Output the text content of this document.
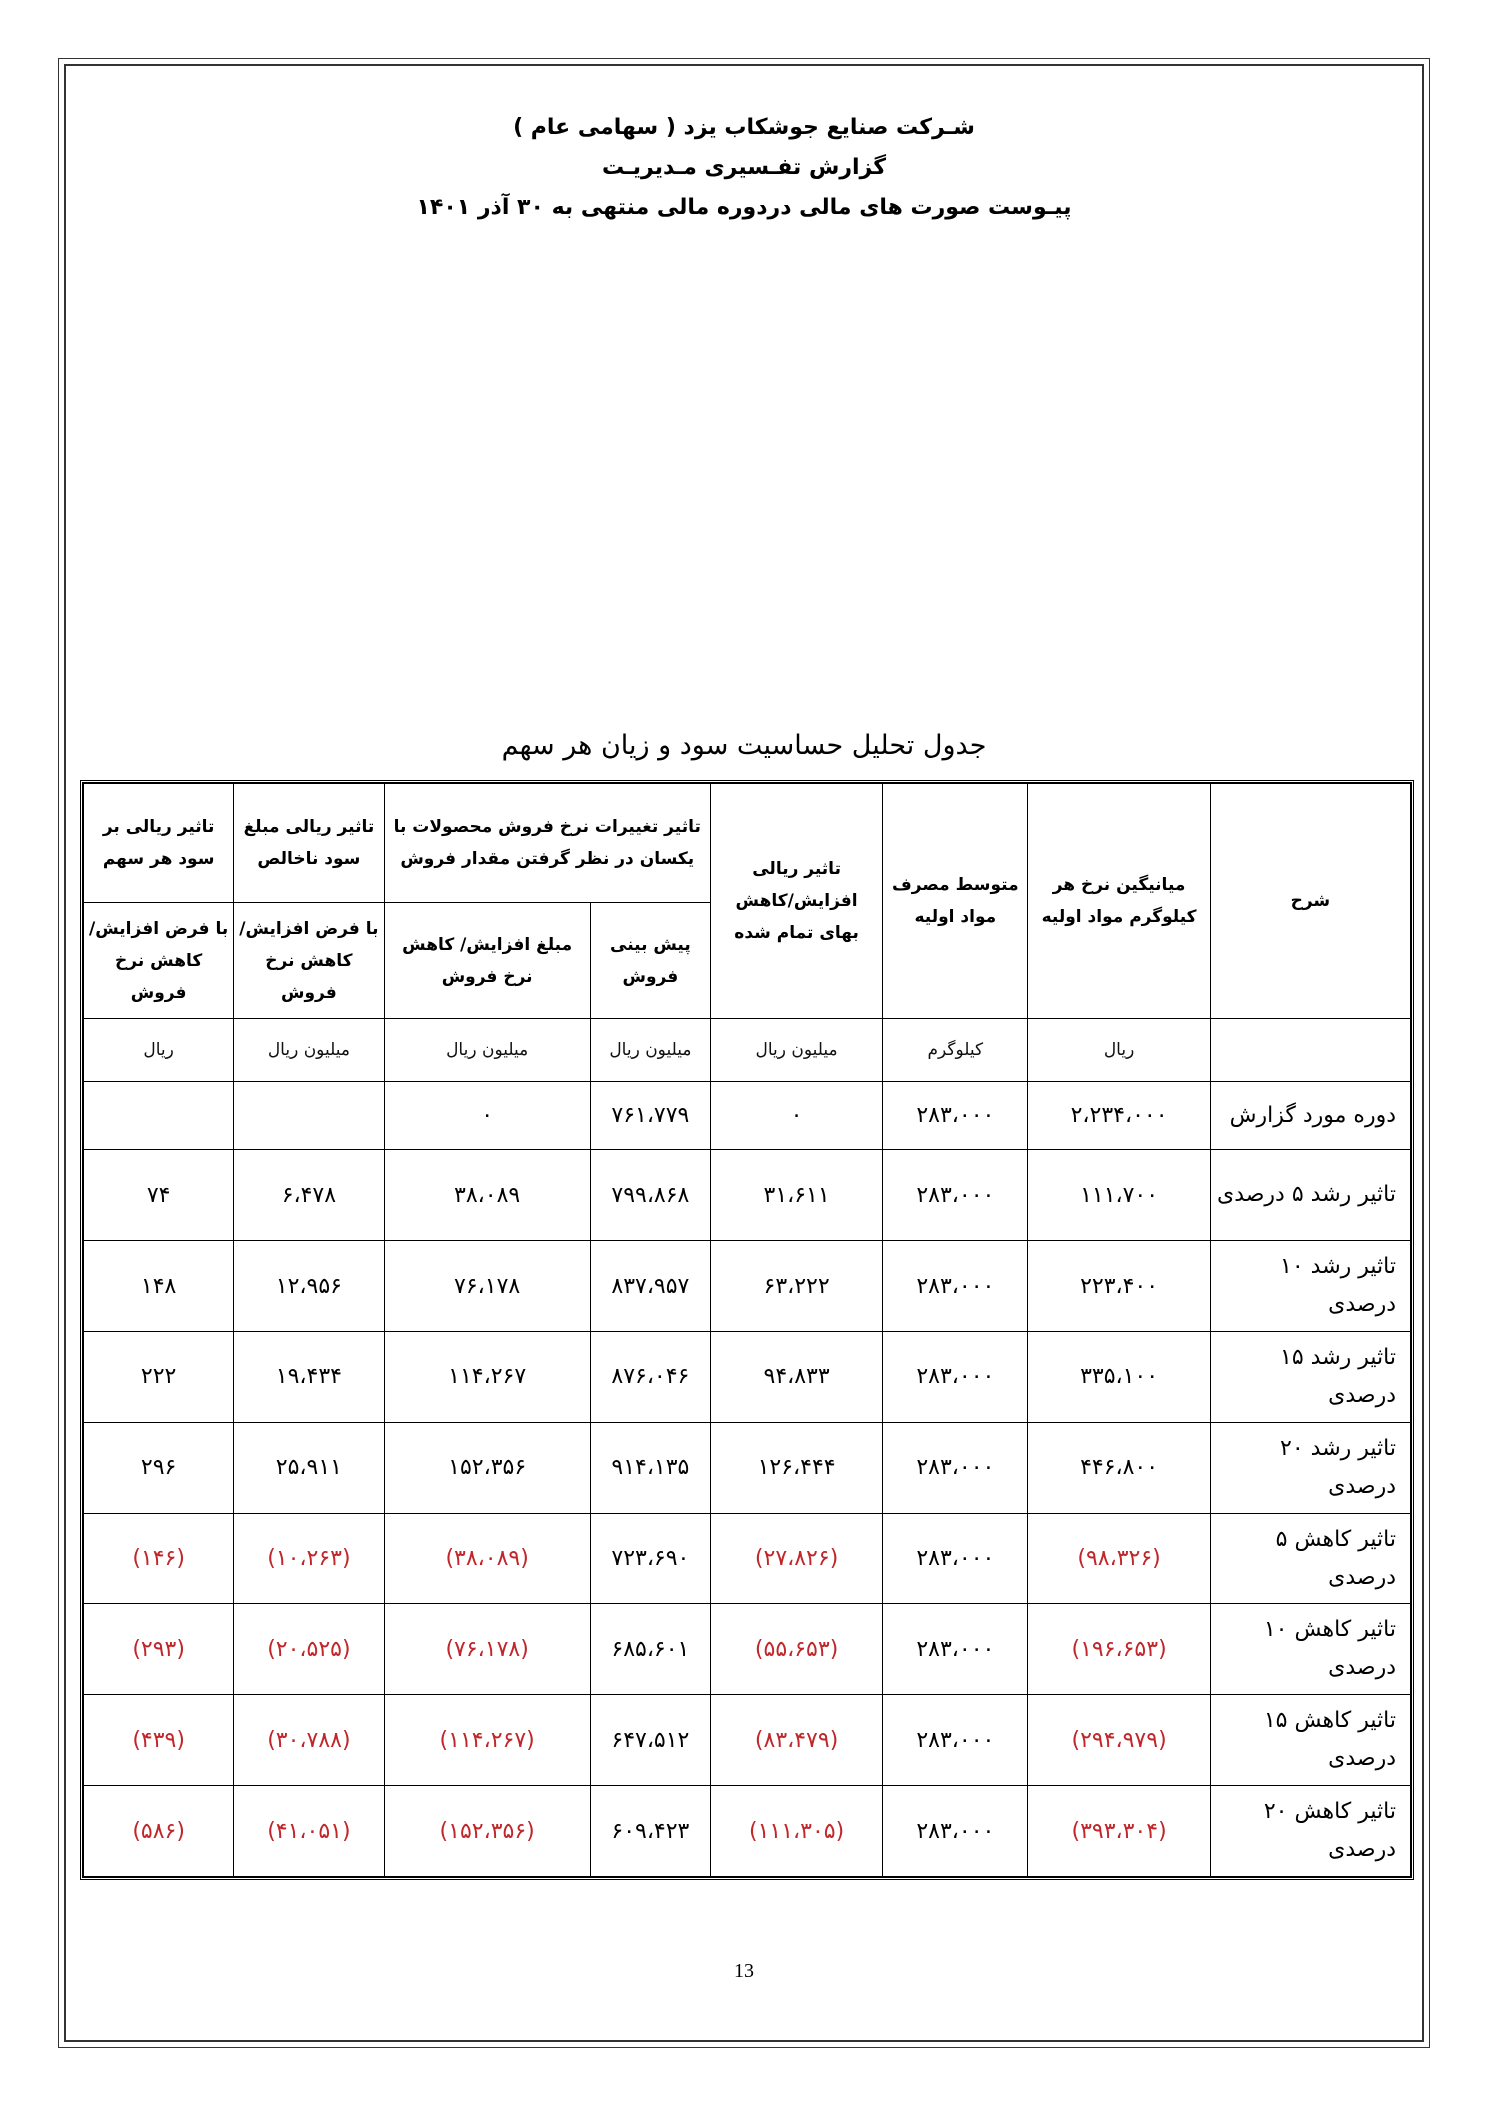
شـرکت صنایع جوشکاب یزد ( سهامی عام )
گزارش تفـسیری مـدیریـت
پیـوست صورت های مالی دردوره مالی منتهی به ۳۰ آذر ۱۴۰۱
جدول تحلیل حساسیت سود و زیان هر سهم
شرح	میانیگین نرخ هر کیلوگرم مواد اولیه	متوسط مصرف مواد اولیه	تاثیر ریالی افزایش/کاهش بهای تمام شده	تاثیر تغییرات نرخ فروش محصولات با یکسان در نظر گرفتن مقدار فروش		تاثیر ریالی مبلغ سود ناخالص	تاثیر ریالی بر سود هر سهم
				پیش بینی فروش	مبلغ افزایش/ کاهش نرخ فروش	با فرض افزایش/کاهش نرخ فروش	با فرض افزایش/کاهش نرخ فروش
	ریال	کیلوگرم	میلیون ریال	میلیون ریال	میلیون ریال	میلیون ریال	ریال
دوره مورد گزارش	۲،۲۳۴،۰۰۰	۲۸۳،۰۰۰	۰	۷۶۱،۷۷۹	۰		
تاثیر رشد ۵ درصدی	۱۱۱،۷۰۰	۲۸۳،۰۰۰	۳۱،۶۱۱	۷۹۹،۸۶۸	۳۸،۰۸۹	۶،۴۷۸	۷۴
تاثیر رشد ۱۰ درصدی	۲۲۳،۴۰۰	۲۸۳،۰۰۰	۶۳،۲۲۲	۸۳۷،۹۵۷	۷۶،۱۷۸	۱۲،۹۵۶	۱۴۸
تاثیر رشد ۱۵ درصدی	۳۳۵،۱۰۰	۲۸۳،۰۰۰	۹۴،۸۳۳	۸۷۶،۰۴۶	۱۱۴،۲۶۷	۱۹،۴۳۴	۲۲۲
تاثیر رشد ۲۰ درصدی	۴۴۶،۸۰۰	۲۸۳،۰۰۰	۱۲۶،۴۴۴	۹۱۴،۱۳۵	۱۵۲،۳۵۶	۲۵،۹۱۱	۲۹۶
تاثیر کاهش ۵ درصدی	(۹۸،۳۲۶)	۲۸۳،۰۰۰	(۲۷،۸۲۶)	۷۲۳،۶۹۰	(۳۸،۰۸۹)	(۱۰،۲۶۳)	(۱۴۶)
تاثیر کاهش ۱۰ درصدی	(۱۹۶،۶۵۳)	۲۸۳،۰۰۰	(۵۵،۶۵۳)	۶۸۵،۶۰۱	(۷۶،۱۷۸)	(۲۰،۵۲۵)	(۲۹۳)
تاثیر کاهش ۱۵ درصدی	(۲۹۴،۹۷۹)	۲۸۳،۰۰۰	(۸۳،۴۷۹)	۶۴۷،۵۱۲	(۱۱۴،۲۶۷)	(۳۰،۷۸۸)	(۴۳۹)
تاثیر کاهش ۲۰ درصدی	(۳۹۳،۳۰۴)	۲۸۳،۰۰۰	(۱۱۱،۳۰۵)	۶۰۹،۴۲۳	(۱۵۲،۳۵۶)	(۴۱،۰۵۱)	(۵۸۶)
13
